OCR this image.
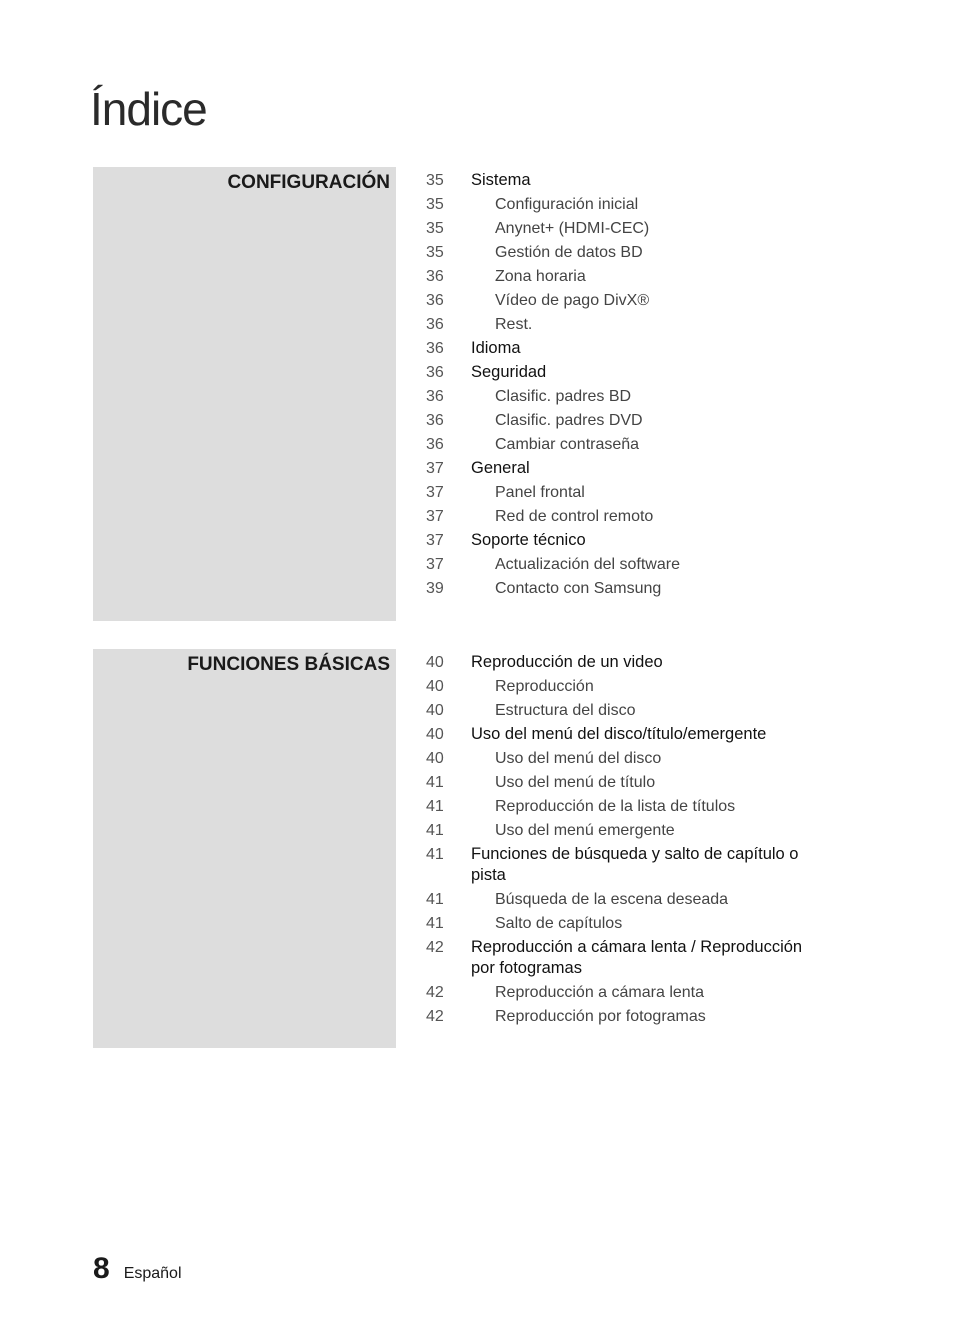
Índice
CONFIGURACIÓN 35	Sistema
35	Configuración inicial
35	Anynet+ (HDMI-CEC)
35	Gestión de datos BD
36	Zona horaria
36	Vídeo de pago DivX®
36	Rest.
36	Idioma
36	Seguridad
36	Clasific. padres BD
36	Clasific. padres DVD
36	Cambiar contraseña
37	General
37	Panel frontal
37	Red de control remoto
37	Soporte técnico
37	Actualización del software
39	Contacto con Samsung
FUNCIONES BÁSICAS 40	Reproducción de un video
40	Reproducción
40	Estructura del disco
40	Uso del menú del disco/título/emergente
40	Uso del menú del disco
41	Uso del menú de título
41	Reproducción de la lista de títulos
41	Uso del menú emergente
41	Funciones de búsqueda y salto de capítulo o pista
41	Búsqueda de la escena deseada
41	Salto de capítulos
42	Reproducción a cámara lenta / Reproducción por fotogramas
42	Reproducción a cámara lenta
42	Reproducción por fotogramas
8 Español
